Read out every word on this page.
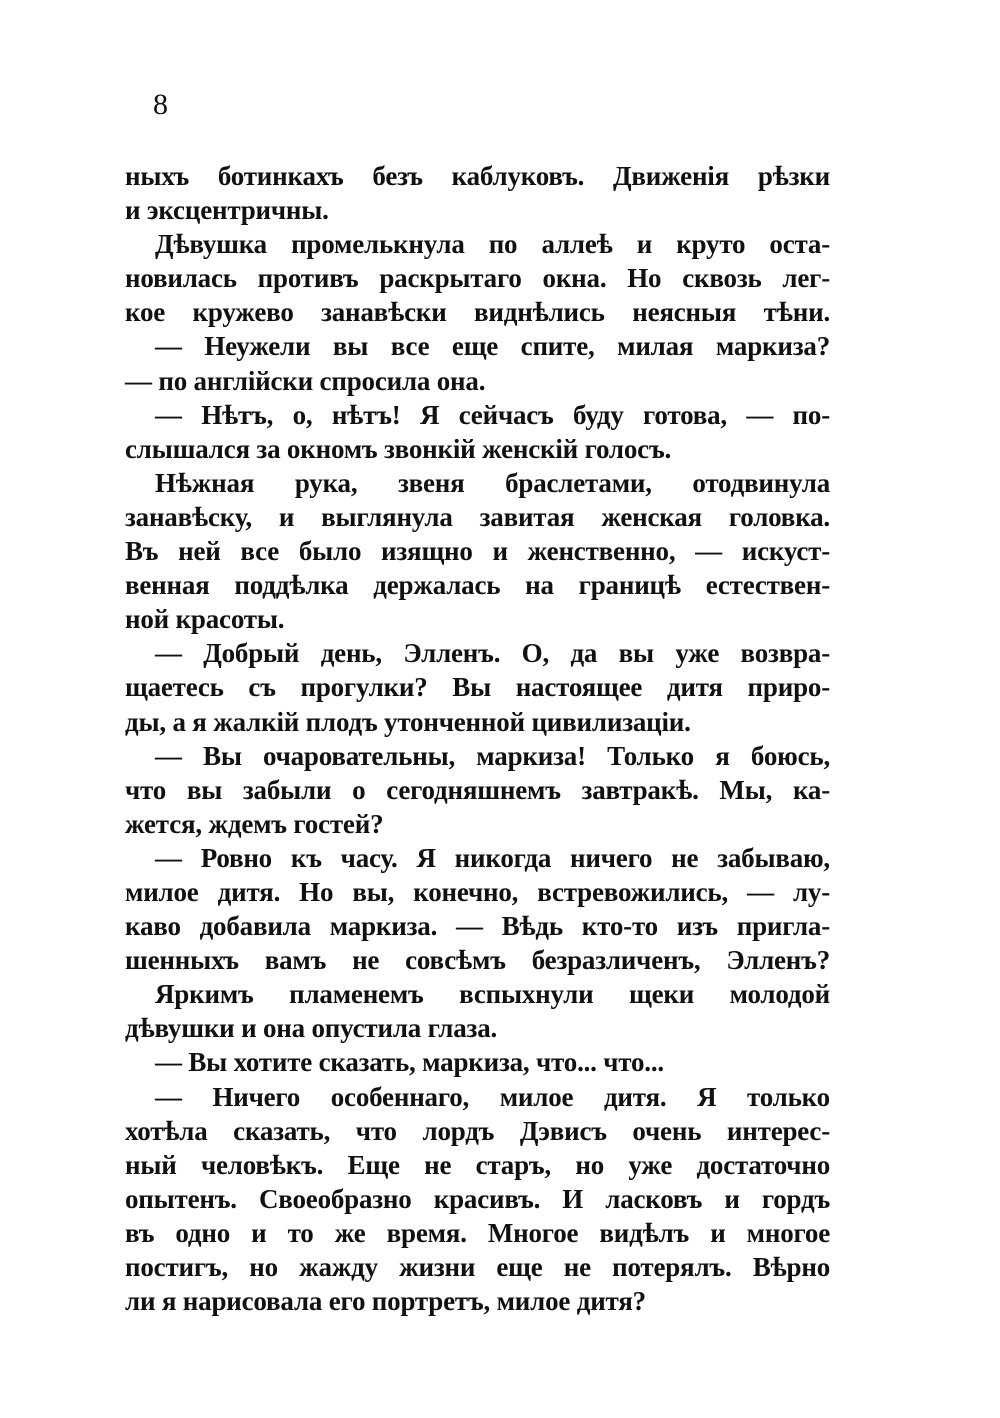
8
ныхъ ботинкахъ безъ каблуковъ. Движенія рѣзки
и эксцентричны.
Дѣвушка промелькнула по аллеѣ и круто оста-
новилась противъ раскрытаго окна. Но сквозь лег-
кое кружево занавѣски виднѣлись неясныя тѣни.
— Неужели вы все еще спите, милая маркиза?
— по англійски спросила она.
— Нѣтъ, о, нѣтъ! Я сейчасъ буду готова, — по-
слышался за окномъ звонкій женскій голосъ.
Нѣжная рука, звеня браслетами, отодвинула
занавѣску, и выглянула завитая женская головка.
Въ ней все было изящно и женственно, — искуст-
венная поддѣлка держалась на границѣ естествен-
ной красоты.
— Добрый день, Элленъ. О, да вы уже возвра-
щаетесь съ прогулки? Вы настоящее дитя приро-
ды, а я жалкій плодъ утонченной цивилизаціи.
— Вы очаровательны, маркиза! Только я боюсь,
что вы забыли о сегодняшнемъ завтракѣ. Мы, ка-
жется, ждемъ гостей?
— Ровно къ часу. Я никогда ничего не забываю,
милое дитя. Но вы, конечно, встревожились, — лу-
каво добавила маркиза. — Вѣдь кто-то изъ пригла-
шенныхъ вамъ не совсѣмъ безразличенъ, Элленъ?
Яркимъ пламенемъ вспыхнули щеки молодой
дѣвушки и она опустила глаза.
— Вы хотите сказать, маркиза, что... что...
— Ничего особеннаго, милое дитя. Я только
хотѣла сказать, что лордъ Дэвисъ очень интерес-
ный человѣкъ. Еще не старъ, но уже достаточно
опытенъ. Своеобразно красивъ. И ласковъ и гордъ
въ одно и то же время. Многое видѣлъ и многое
постигъ, но жажду жизни еще не потерялъ. Вѣрно
ли я нарисовала его портретъ, милое дитя?
